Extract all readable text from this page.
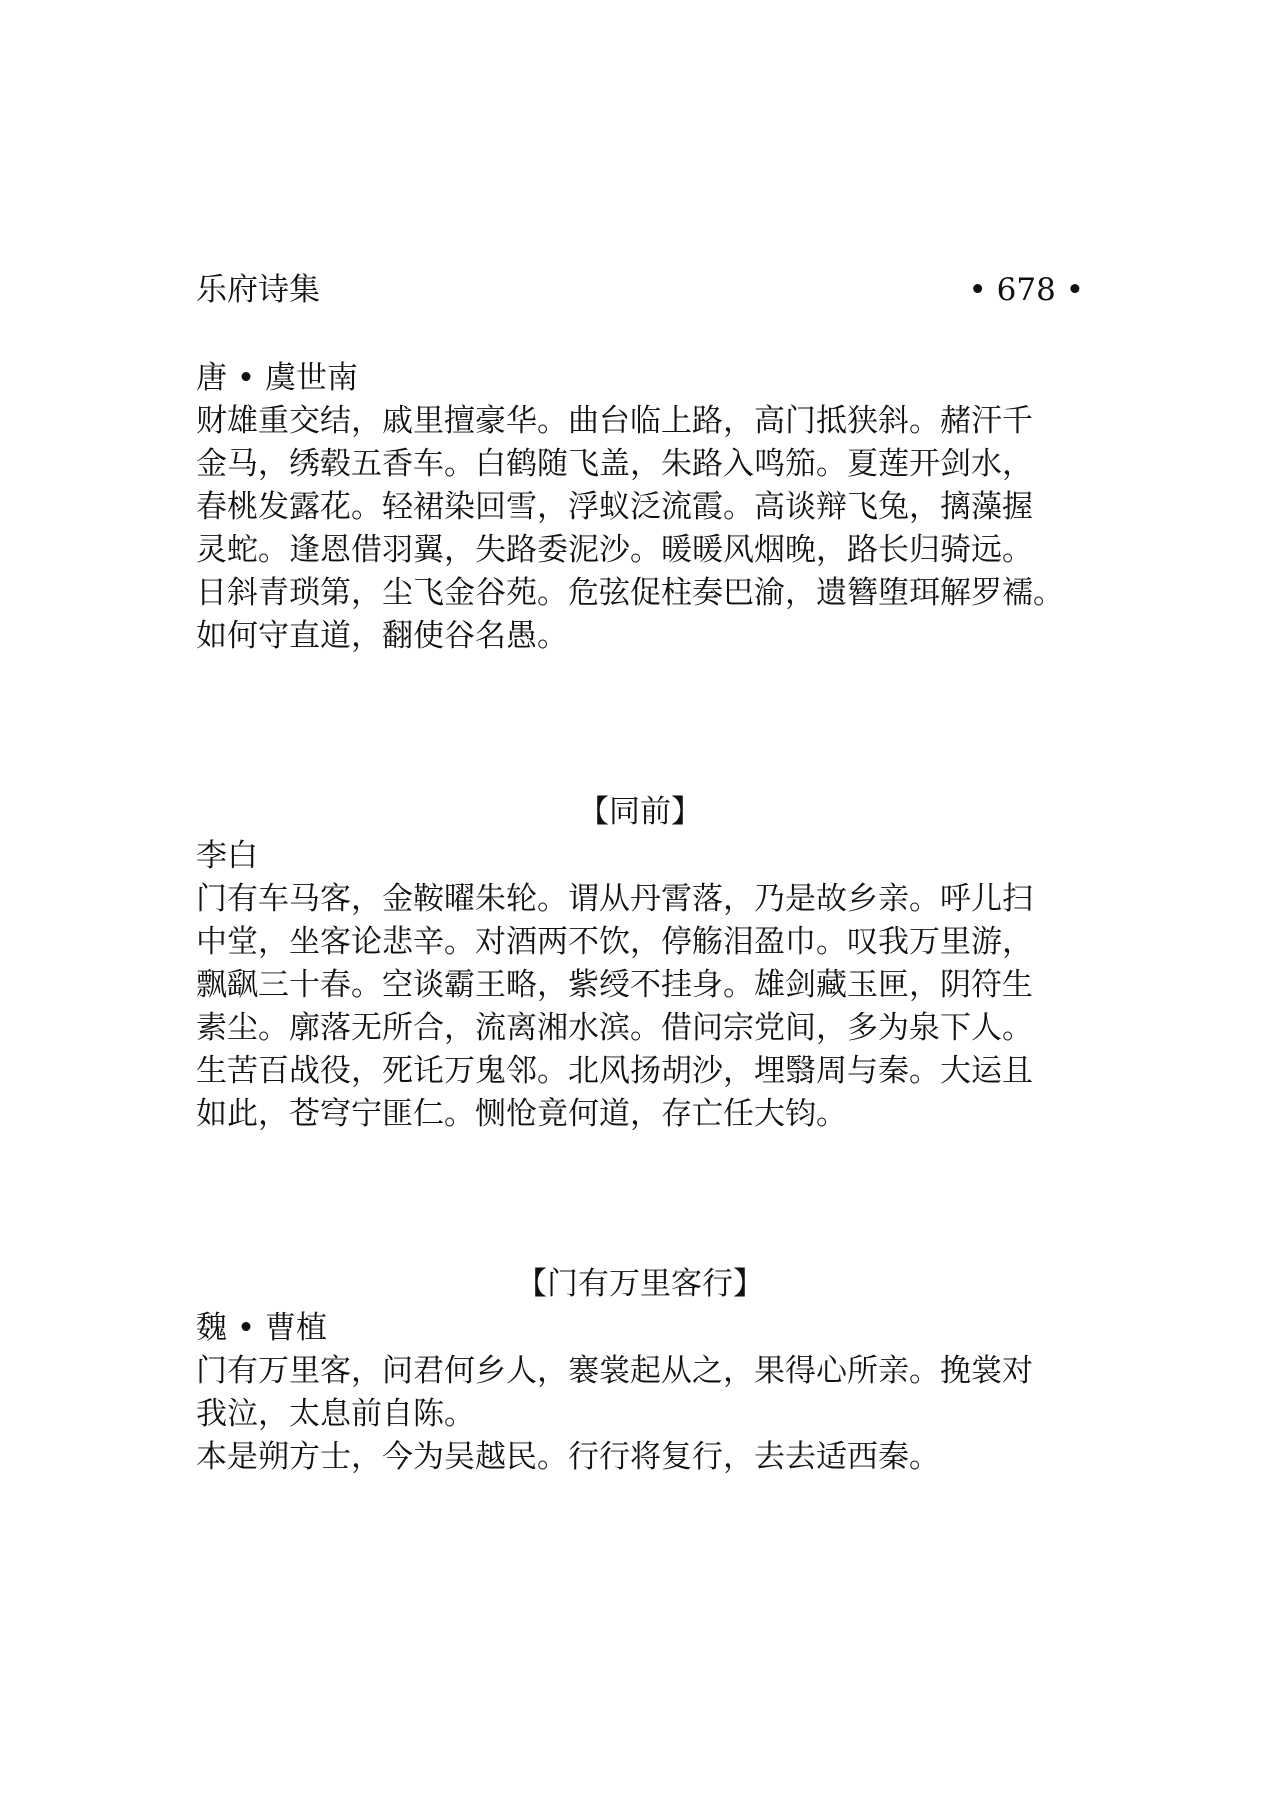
乐府诗集	• 678 •
唐 • 虞世南
财雄重交结，戚里擅豪华。曲台临上路，高门抵狭斜。赭汗千
金马，绣毂五香车。白鹤随飞盖，朱路入鸣笳。夏莲开剑水，
春桃发露花。轻裙染回雪，浮蚁泛流霞。高谈辩飞兔，摛藻握
灵蛇。逢恩借羽翼，失路委泥沙。暖暖风烟晚，路长归骑远。
日斜青琐第，尘飞金谷苑。危弦促柱奏巴渝，遗簪堕珥解罗襦。
如何守直道，翻使谷名愚。
【同前】
李白
门有车马客，金鞍曜朱轮。谓从丹霄落，乃是故乡亲。呼儿扫
中堂，坐客论悲辛。对酒两不饮，停觞泪盈巾。叹我万里游，
飘飖三十春。空谈霸王略，紫绶不挂身。雄剑藏玉匣，阴符生
素尘。廓落无所合，流离湘水滨。借问宗党间，多为泉下人。
生苦百战役，死讬万鬼邻。北风扬胡沙，埋翳周与秦。大运且
如此，苍穹宁匪仁。恻怆竟何道，存亡任大钧。
【门有万里客行】
魏 • 曹植
门有万里客，问君何乡人，褰裳起从之，果得心所亲。挽裳对
我泣，太息前自陈。
本是朔方士，今为吴越民。行行将复行，去去适西秦。
